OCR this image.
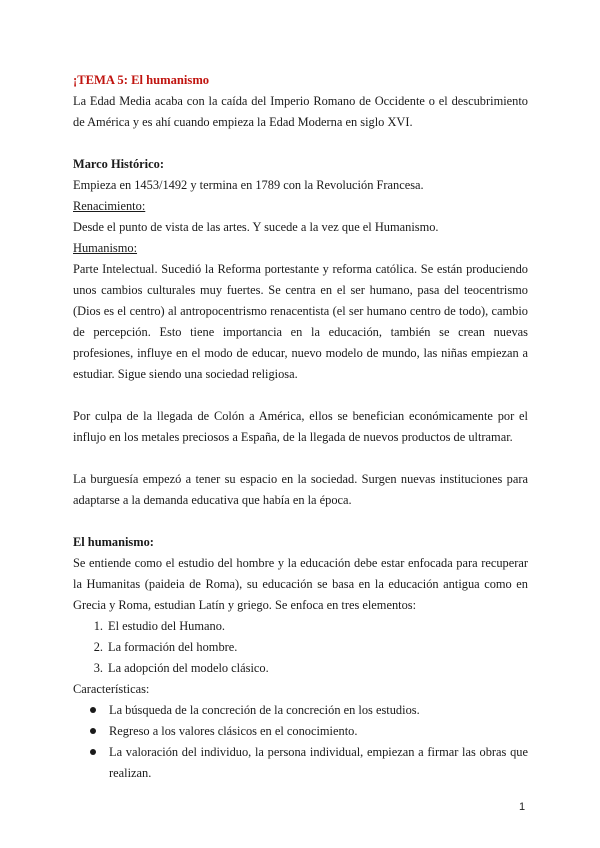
¡TEMA 5: El humanismo

La Edad Media acaba con la caída del Imperio Romano de Occidente o el descubrimiento de América y es ahí cuando empieza la Edad Moderna en siglo XVI.

Marco Histórico:

Empieza en 1453/1492 y termina en 1789 con la Revolución Francesa.

Renacimiento:

Desde el punto de vista de las artes. Y sucede a la vez que el Humanismo.

Humanismo:

Parte Intelectual. Sucedió la Reforma portestante y reforma católica. Se están produciendo unos cambios culturales muy fuertes. Se centra en el ser humano, pasa del teocentrismo (Dios es el centro) al antropocentrismo renacentista (el ser humano centro de todo), cambio de percepción. Esto tiene importancia en la educación, también se crean nuevas profesiones, influye en el modo de educar, nuevo modelo de mundo, las niñas empiezan a estudiar. Sigue siendo una sociedad religiosa.

Por culpa de la llegada de Colón a América, ellos se benefician económicamente por el influjo en los metales preciosos a España, de la llegada de nuevos productos de ultramar.

La burguesía empezó a tener su espacio en la sociedad. Surgen nuevas instituciones para adaptarse a la demanda educativa que había en la época.

El humanismo:

Se entiende como el estudio del hombre y la educación debe estar enfocada para recuperar la Humanitas (paideia de Roma), su educación se basa en la educación antigua como en Grecia y Roma, estudian Latín y griego. Se enfoca en tres elementos:

1. El estudio del Humano.
2. La formación del hombre.
3. La adopción del modelo clásico.

Características:

La búsqueda de la concreción de la concreción en los estudios.
Regreso a los valores clásicos en el conocimiento.
La valoración del individuo, la persona individual, empiezan a firmar las obras que realizan.
1
